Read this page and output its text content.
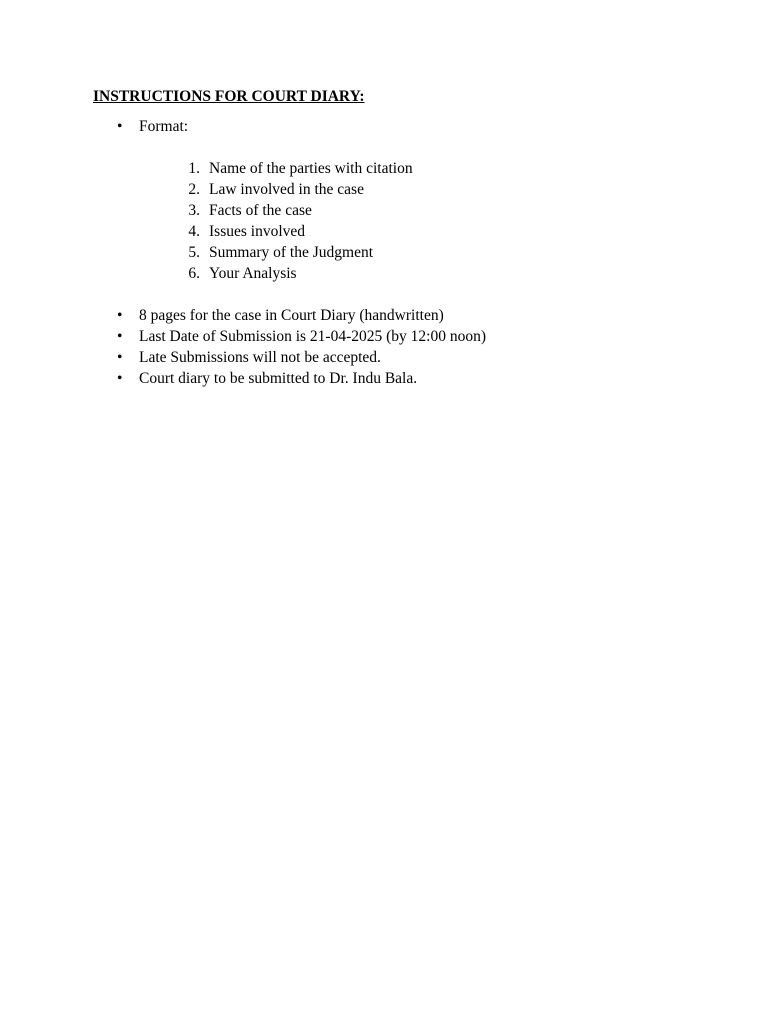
INSTRUCTIONS FOR COURT DIARY:
•	Format:
1. Name of the parties with citation
2. Law involved in the case
3. Facts of the case
4. Issues involved
5. Summary of the Judgment
6. Your Analysis
•	8 pages for the case in Court Diary (handwritten)
•	Last Date of Submission is 21-04-2025 (by 12:00 noon)
•	Late Submissions will not be accepted.
•	Court diary to be submitted to Dr. Indu Bala.
